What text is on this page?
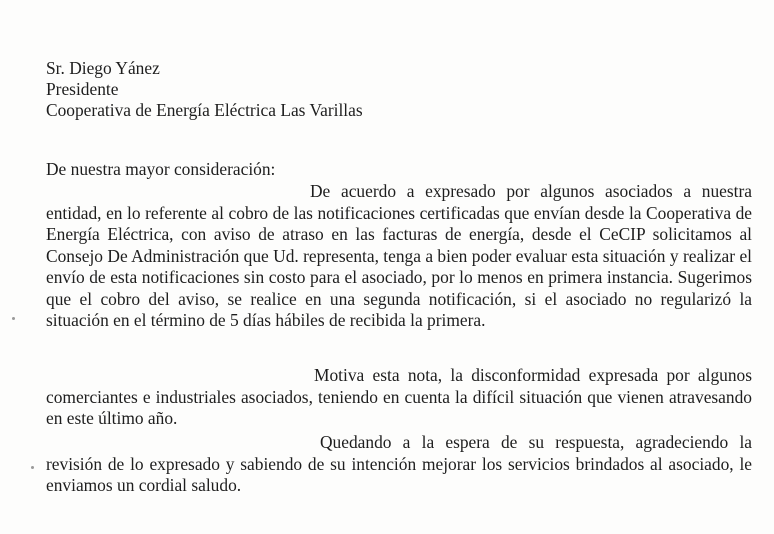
Sr. Diego Yánez
Presidente
Cooperativa de Energía Eléctrica Las Varillas
De nuestra mayor consideración:

De acuerdo a expresado por algunos asociados a nuestra entidad, en lo referente al cobro de las notificaciones certificadas que envían desde la Cooperativa de Energía Eléctrica, con aviso de atraso en las facturas de energía, desde el CeCIP solicitamos al Consejo De Administración que Ud. representa, tenga a bien poder evaluar esta situación y realizar el envío de esta notificaciones sin costo para el asociado, por lo menos en primera instancia. Sugerimos que el cobro del aviso, se realice en una segunda notificación, si el asociado no regularizó la situación en el término de 5 días hábiles de recibida la primera.

Motiva esta nota, la disconformidad expresada por algunos comerciantes e industriales asociados, teniendo en cuenta la difícil situación que vienen atravesando en este último año.

Quedando a la espera de su respuesta, agradeciendo la revisión de lo expresado y sabiendo de su intención mejorar los servicios brindados al asociado, le enviamos un cordial saludo.
